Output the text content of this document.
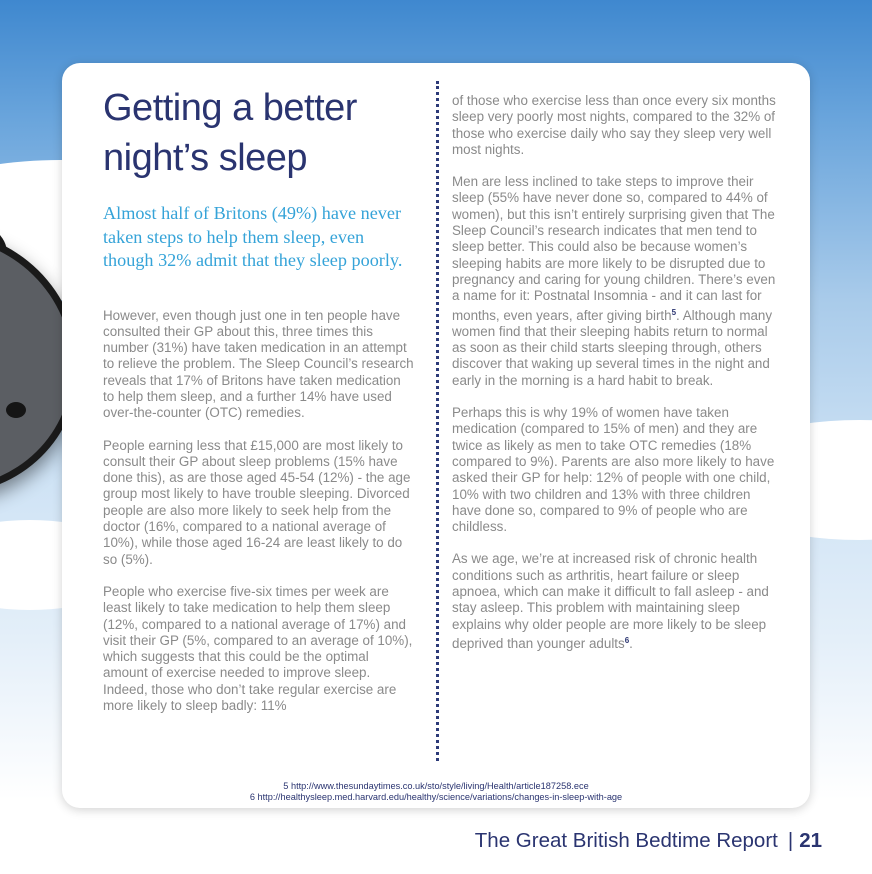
Getting a better
night’s sleep

Almost half of Britons (49%) have never taken steps to help them sleep, even though 32% admit that they sleep poorly.

However, even though just one in ten people have consulted their GP about this, three times this number (31%) have taken medication in an attempt to relieve the problem. The Sleep Council’s research reveals that 17% of Britons have taken medication to help them sleep, and a further 14% have used over-the-counter (OTC) remedies.

People earning less that £15,000 are most likely to consult their GP about sleep problems (15% have done this), as are those aged 45-54 (12%) - the age group most likely to have trouble sleeping. Divorced people are also more likely to seek help from the doctor (16%, compared to a national average of 10%), while those aged 16-24 are least likely to do so (5%).

People who exercise five-six times per week are least likely to take medication to help them sleep (12%, compared to a national average of 17%) and visit their GP (5%, compared to an average of 10%), which suggests that this could be the optimal amount of exercise needed to improve sleep. Indeed, those who don’t take regular exercise are more likely to sleep badly: 11%

of those who exercise less than once every six months sleep very poorly most nights, compared to the 32% of those who exercise daily who say they sleep very well most nights.

Men are less inclined to take steps to improve their sleep (55% have never done so, compared to 44% of women), but this isn’t entirely surprising given that The Sleep Council’s research indicates that men tend to sleep better. This could also be because women’s sleeping habits are more likely to be disrupted due to pregnancy and caring for young children. There’s even a name for it: Postnatal Insomnia - and it can last for months, even years, after giving birth$^5$. Although many women find that their sleeping habits return to normal as soon as their child starts sleeping through, others discover that waking up several times in the night and early in the morning is a hard habit to break.

Perhaps this is why 19% of women have taken medication (compared to 15% of men) and they are twice as likely as men to take OTC remedies (18% compared to 9%). Parents are also more likely to have asked their GP for help: 12% of people with one child, 10% with two children and 13% with three children have done so, compared to 9% of people who are childless.

As we age, we’re at increased risk of chronic health conditions such as arthritis, heart failure or sleep apnoea, which can make it difficult to fall asleep - and stay asleep. This problem with maintaining sleep explains why older people are more likely to be sleep deprived than younger adults$^6$.

5 http://www.thesundaytimes.co.uk/sto/style/living/Health/article187258.ece
6 http://healthysleep.med.harvard.edu/healthy/science/variations/changes-in-sleep-with-age
The Great British Bedtime Report | 21
